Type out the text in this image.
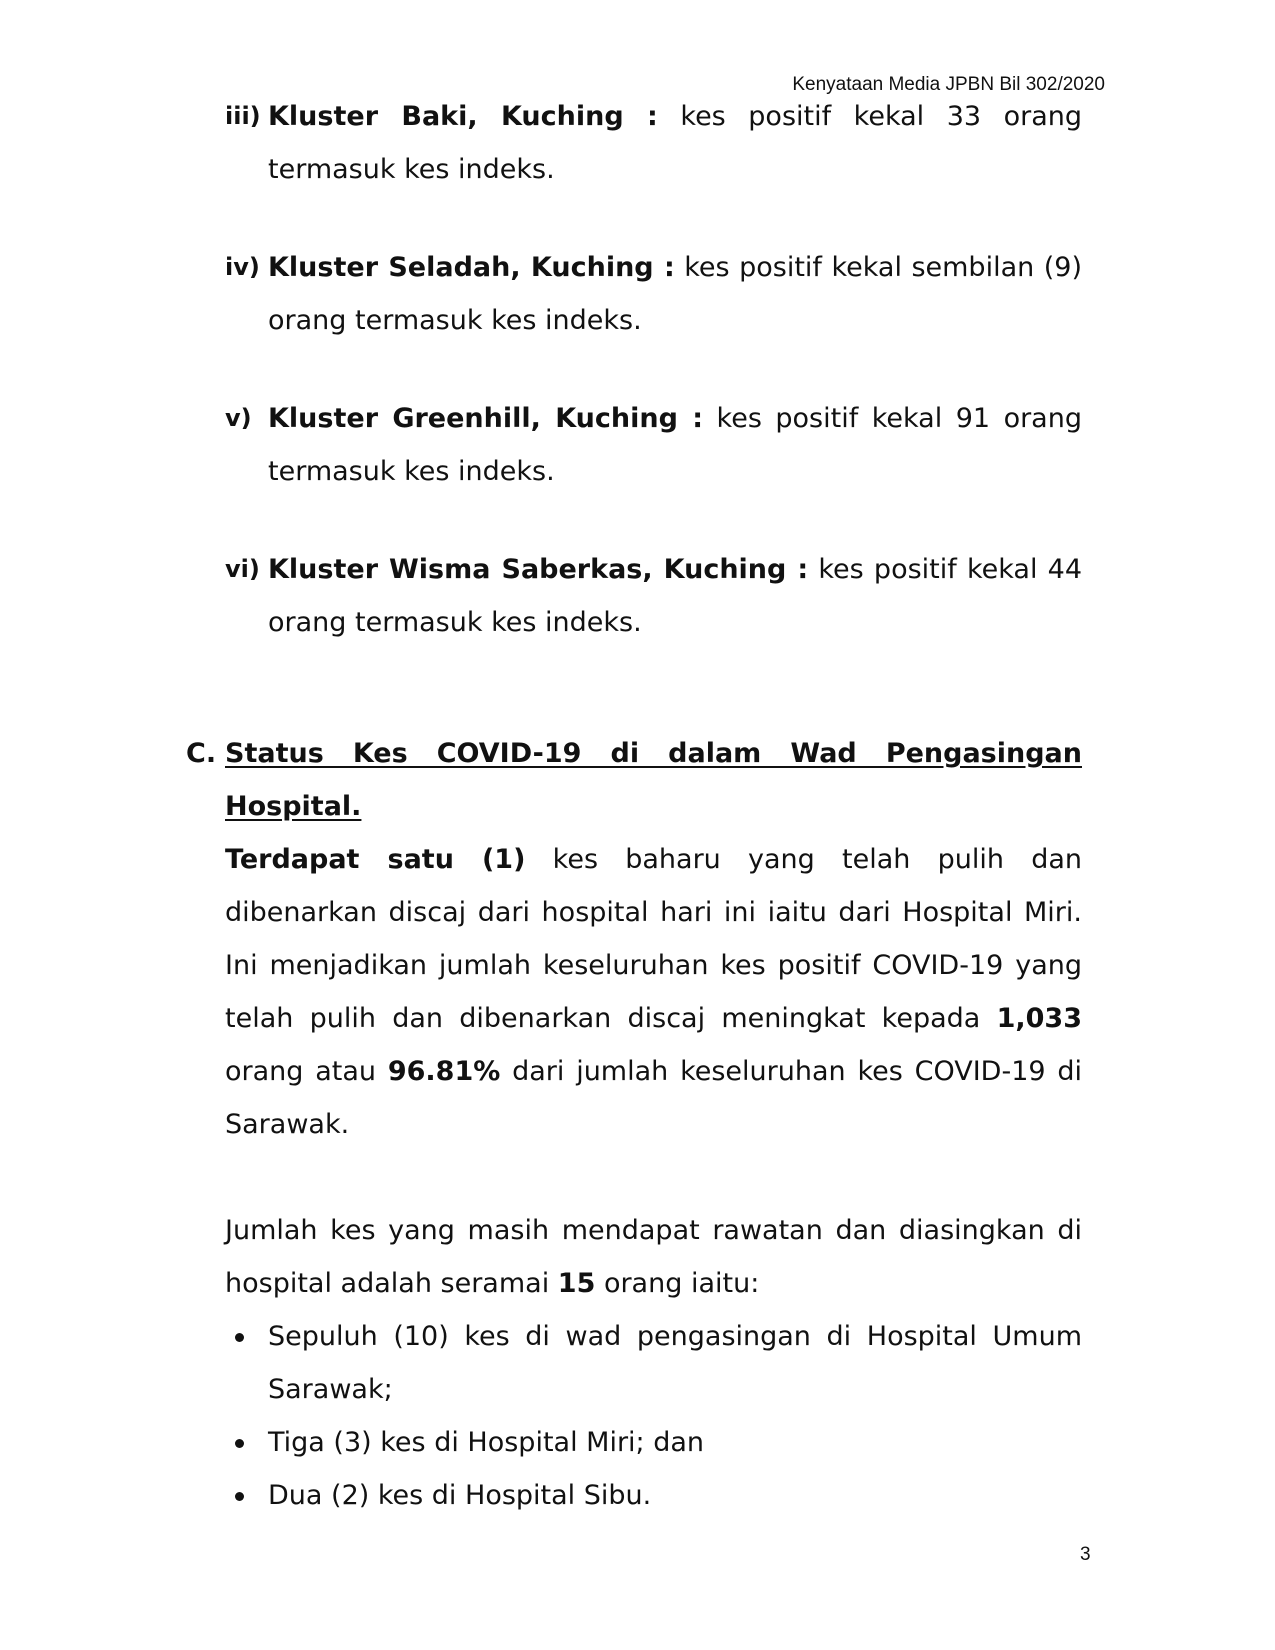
Kenyataan Media JPBN Bil 302/2020
iii) Kluster Baki, Kuching : kes positif kekal 33 orang termasuk kes indeks.
iv) Kluster Seladah, Kuching : kes positif kekal sembilan (9) orang termasuk kes indeks.
v) Kluster Greenhill, Kuching : kes positif kekal 91 orang termasuk kes indeks.
vi) Kluster Wisma Saberkas, Kuching : kes positif kekal 44 orang termasuk kes indeks.
C. Status Kes COVID-19 di dalam Wad Pengasingan Hospital.
Terdapat satu (1) kes baharu yang telah pulih dan dibenarkan discaj dari hospital hari ini iaitu dari Hospital Miri. Ini menjadikan jumlah keseluruhan kes positif COVID-19 yang telah pulih dan dibenarkan discaj meningkat kepada 1,033 orang atau 96.81% dari jumlah keseluruhan kes COVID-19 di Sarawak.
Jumlah kes yang masih mendapat rawatan dan diasingkan di hospital adalah seramai 15 orang iaitu:
Sepuluh (10) kes di wad pengasingan di Hospital Umum Sarawak;
Tiga (3) kes di Hospital Miri; dan
Dua (2) kes di Hospital Sibu.
3
